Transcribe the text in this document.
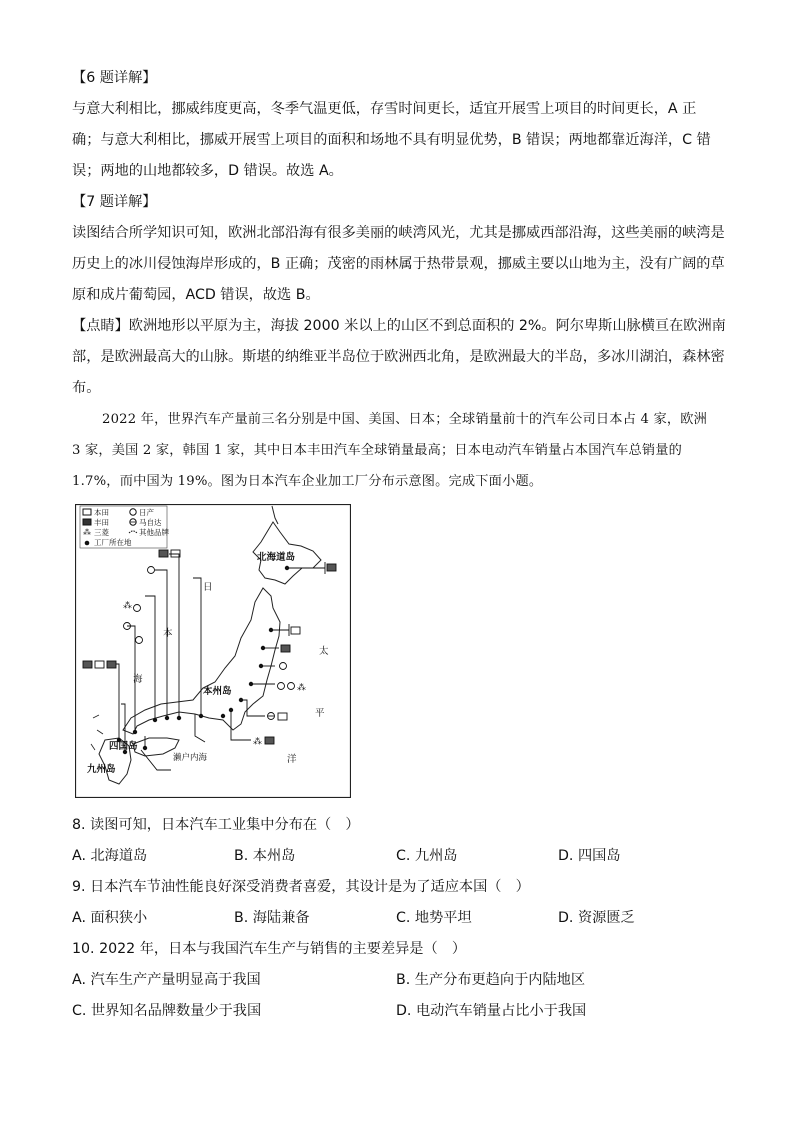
【6 题详解】
与意大利相比，挪威纬度更高，冬季气温更低，存雪时间更长，适宜开展雪上项目的时间更长，A 正
确；与意大利相比，挪威开展雪上项目的面积和场地不具有明显优势，B 错误；两地都靠近海洋，C 错
误；两地的山地都较多，D 错误。故选 A。
【7 题详解】
读图结合所学知识可知，欧洲北部沿海有很多美丽的峡湾风光，尤其是挪威西部沿海，这些美丽的峡湾是
历史上的冰川侵蚀海岸形成的，B 正确；茂密的雨林属于热带景观，挪威主要以山地为主，没有广阔的草
原和成片葡萄园，ACD 错误，故选 B。
【点睛】欧洲地形以平原为主，海拔 2000 米以上的山区不到总面积的 2%。阿尔卑斯山脉横亘在欧洲南
部，是欧洲最高大的山脉。斯堪的纳维亚半岛位于欧洲西北角，是欧洲最大的半岛，多冰川湖泊，森林密
布。
2022 年，世界汽车产量前三名分别是中国、美国、日本；全球销量前十的汽车公司日本占 4 家，欧洲
3 家，美国 2 家，韩国 1 家，其中日本丰田汽车全球销量最高；日本电动汽车销量占本国汽车总销量的
1.7%，而中国为 19%。图为日本汽车企业加工厂分布示意图。完成下面小题。
本田	日产
丰田	马自达
⁂ 三菱	其他品牌
工厂所在地
⁂
⁂
⁂
北海道岛
本州岛
四国岛
九州岛
濑户内海
日
本
海
太
平
洋
8. 读图可知，日本汽车工业集中分布在（　）
A. 北海道岛	B. 本州岛	C. 九州岛	D. 四国岛
9. 日本汽车节油性能良好深受消费者喜爱，其设计是为了适应本国（　）
A. 面积狭小	B. 海陆兼备	C. 地势平坦	D. 资源匮乏
10. 2022 年，日本与我国汽车生产与销售的主要差异是（　）
A. 汽车生产产量明显高于我国	B. 生产分布更趋向于内陆地区
C. 世界知名品牌数量少于我国	D. 电动汽车销量占比小于我国
